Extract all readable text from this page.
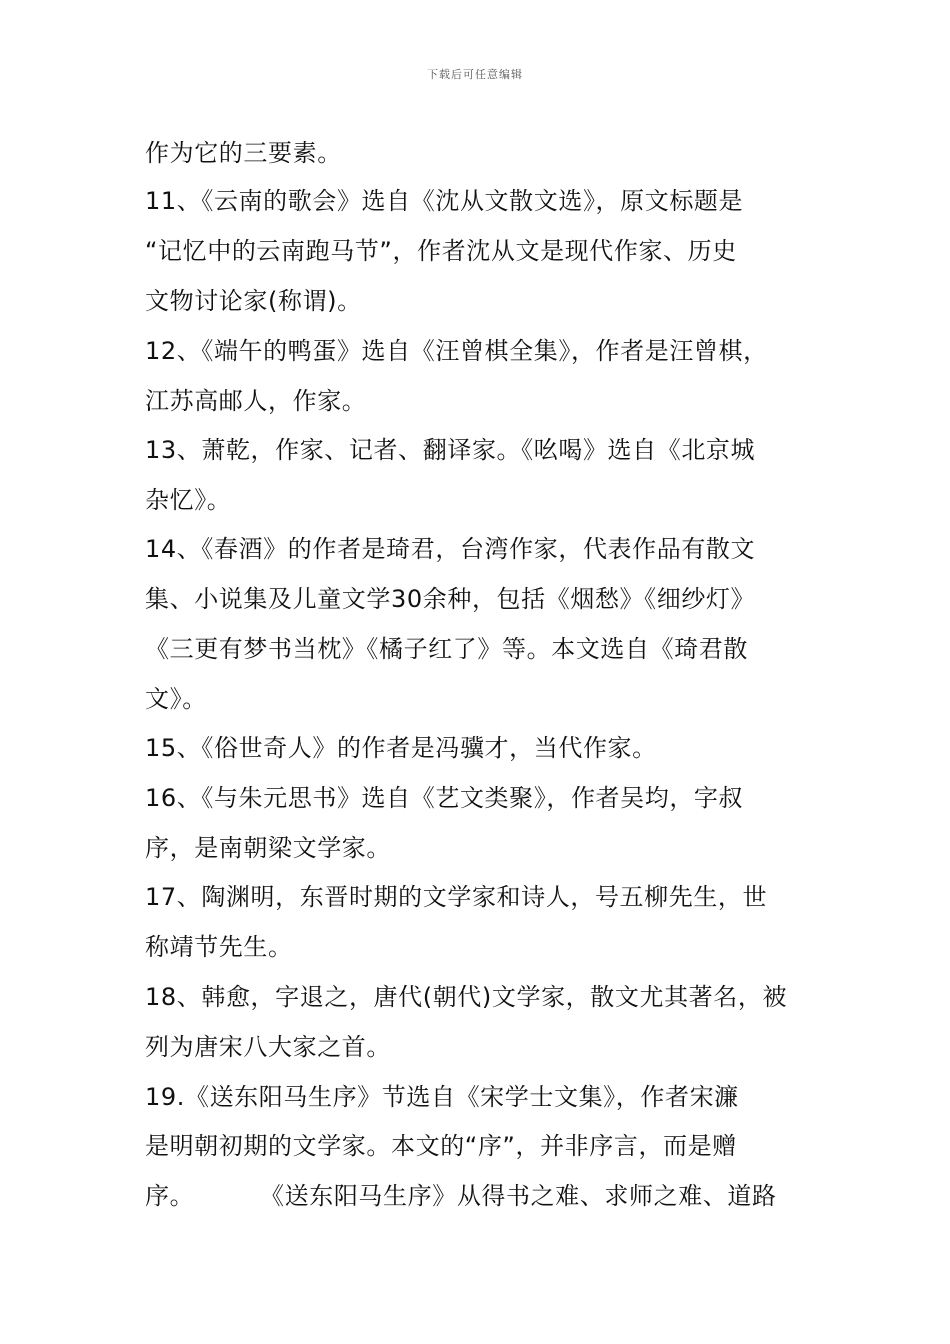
下载后可任意编辑
作为它的三要素。
11、《云南的歌会》选自《沈从文散文选》，原文标题是
“记忆中的云南跑马节”，作者沈从文是现代作家、历史
文物讨论家(称谓)。
12、《端午的鸭蛋》选自《汪曾棋全集》，作者是汪曾棋，
江苏高邮人，作家。
13、萧乾，作家、记者、翻译家。《吆喝》选自《北京城
杂忆》。
14、《春酒》的作者是琦君，台湾作家，代表作品有散文
集、小说集及儿童文学30余种，包括《烟愁》《细纱灯》
《三更有梦书当枕》《橘子红了》等。本文选自《琦君散
文》。
15、《俗世奇人》的作者是冯骥才，当代作家。
16、《与朱元思书》选自《艺文类聚》，作者吴均，字叔
序，是南朝梁文学家。
17、陶渊明，东晋时期的文学家和诗人，号五柳先生，世
称靖节先生。
18、韩愈，字退之，唐代(朝代)文学家，散文尤其著名，被
列为唐宋八大家之首。
19.《送东阳马生序》节选自《宋学士文集》，作者宋濂
是明朝初期的文学家。本文的“序”，并非序言，而是赠
序。        《送东阳马生序》从得书之难、求师之难、道路
